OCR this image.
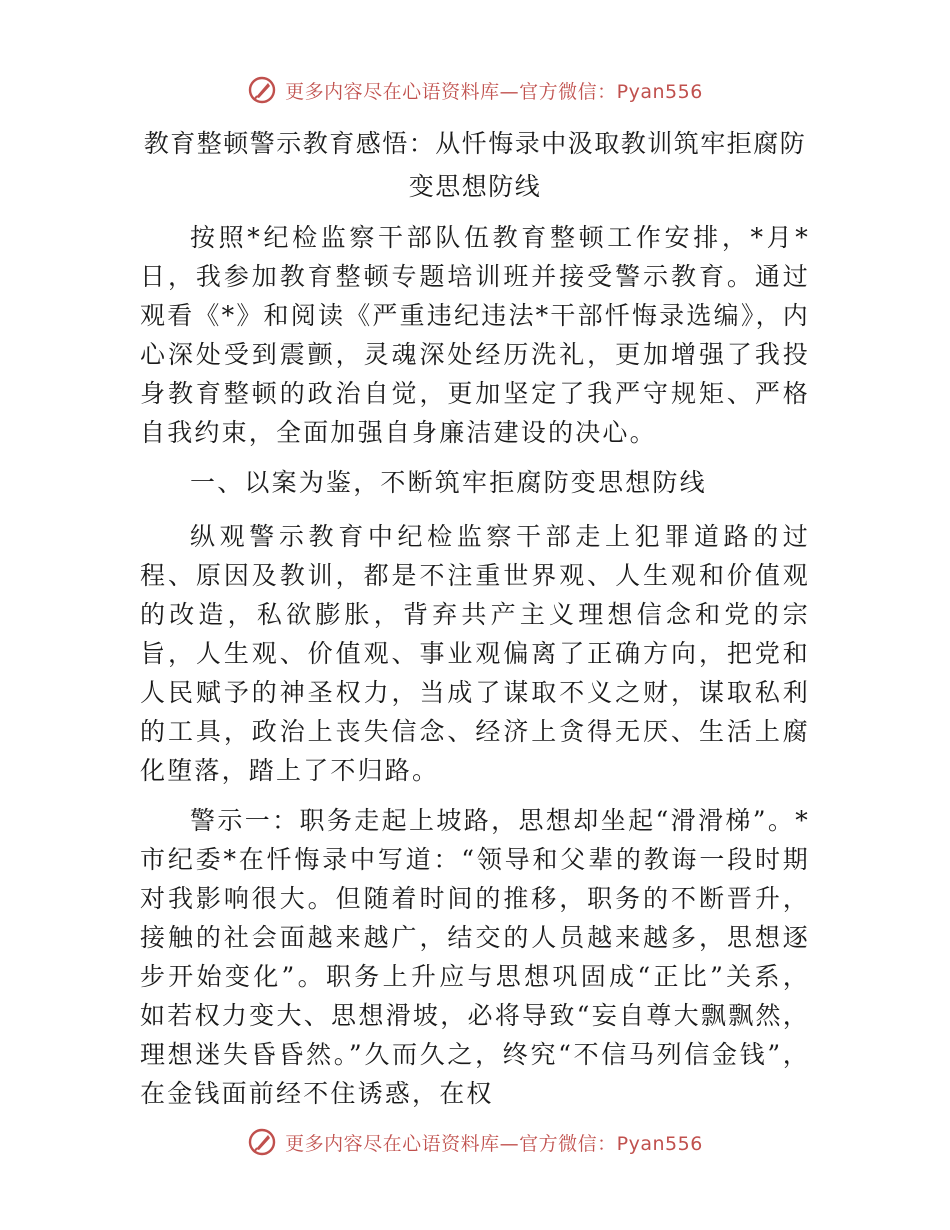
更多内容尽在心语资料库—官方微信：Pyan556
教育整顿警示教育感悟：从忏悔录中汲取教训筑牢拒腐防变思想防线

按照*纪检监察干部队伍教育整顿工作安排，*月*日，我参加教育整顿专题培训班并接受警示教育。通过观看《*》和阅读《严重违纪违法*干部忏悔录选编》，内心深处受到震颤，灵魂深处经历洗礼，更加增强了我投身教育整顿的政治自觉，更加坚定了我严守规矩、严格自我约束，全面加强自身廉洁建设的决心。

一、以案为鉴，不断筑牢拒腐防变思想防线

纵观警示教育中纪检监察干部走上犯罪道路的过程、原因及教训，都是不注重世界观、人生观和价值观的改造，私欲膨胀，背弃共产主义理想信念和党的宗旨，人生观、价值观、事业观偏离了正确方向，把党和人民赋予的神圣权力，当成了谋取不义之财，谋取私利的工具，政治上丧失信念、经济上贪得无厌、生活上腐化堕落，踏上了不归路。

警示一：职务走起上坡路，思想却坐起“滑滑梯”。*市纪委*在忏悔录中写道：“领导和父辈的教诲一段时期对我影响很大。但随着时间的推移，职务的不断晋升，接触的社会面越来越广，结交的人员越来越多，思想逐步开始变化”。职务上升应与思想巩固成“正比”关系，如若权力变大、思想滑坡，必将导致“妄自尊大飘飘然，理想迷失昏昏然。”久而久之，终究“不信马列信金钱”，在金钱面前经不住诱惑，在权

更多内容尽在心语资料库—官方微信：Pyan556
